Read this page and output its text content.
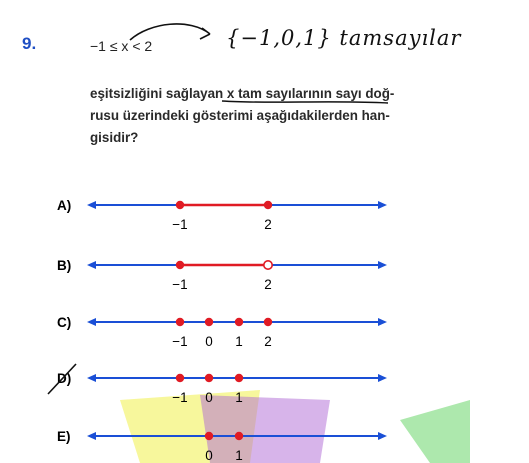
9.	−1 ≤ x < 2	{−1,0,1} tamsayılar
eşitsizliğini sağlayan x tam sayılarının sayı doğ-
rusu üzerindeki gösterimi aşağıdakilerden han-
gisidir?
A)
−1	2
B)
−1	2
C)
−1 0 1 2
D)
−1 0 1
E)
0 1
